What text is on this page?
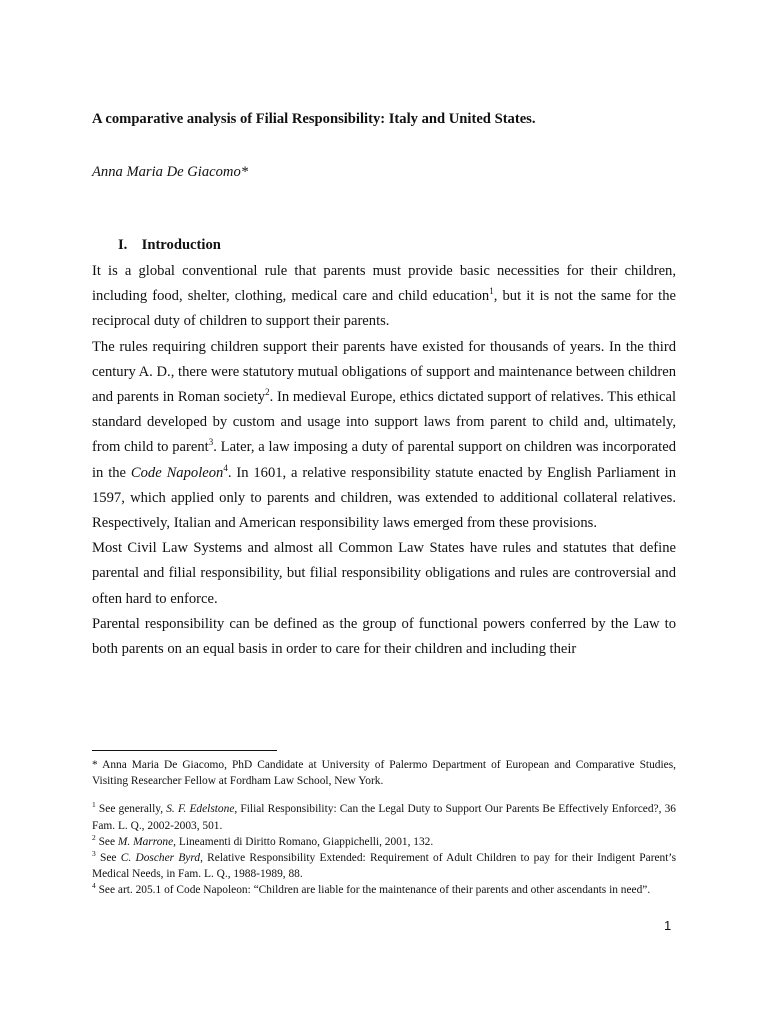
A comparative analysis of Filial Responsibility: Italy and United States.
Anna Maria De Giacomo*
I. Introduction

It is a global conventional rule that parents must provide basic necessities for their children, including food, shelter, clothing, medical care and child education$^1$, but it is not the same for the reciprocal duty of children to support their parents.

The rules requiring children support their parents have existed for thousands of years. In the third century A. D., there were statutory mutual obligations of support and maintenance between children and parents in Roman society$^2$. In medieval Europe, ethics dictated support of relatives. This ethical standard developed by custom and usage into support laws from parent to child and, ultimately, from child to parent$^3$. Later, a law imposing a duty of parental support on children was incorporated in the Code Napoleon$^4$. In 1601, a relative responsibility statute enacted by English Parliament in 1597, which applied only to parents and children, was extended to additional collateral relatives. Respectively, Italian and American responsibility laws emerged from these provisions.

Most Civil Law Systems and almost all Common Law States have rules and statutes that define parental and filial responsibility, but filial responsibility obligations and rules are controversial and often hard to enforce.

Parental responsibility can be defined as the group of functional powers conferred by the Law to both parents on an equal basis in order to care for their children and including their

* Anna Maria De Giacomo, PhD Candidate at University of Palermo Department of European and Comparative Studies, Visiting Researcher Fellow at Fordham Law School, New York.

$^1$ See generally, S. F. Edelstone, Filial Responsibility: Can the Legal Duty to Support Our Parents Be Effectively Enforced?, 36 Fam. L. Q., 2002-2003, 501.

$^2$ See M. Marrone, Lineamenti di Diritto Romano, Giappichelli, 2001, 132.

$^3$ See C. Doscher Byrd, Relative Responsibility Extended: Requirement of Adult Children to pay for their Indigent Parent’s Medical Needs, in Fam. L. Q., 1988-1989, 88.

$^4$ See art. 205.1 of Code Napoleon: “Children are liable for the maintenance of their parents and other ascendants in need”.

1
